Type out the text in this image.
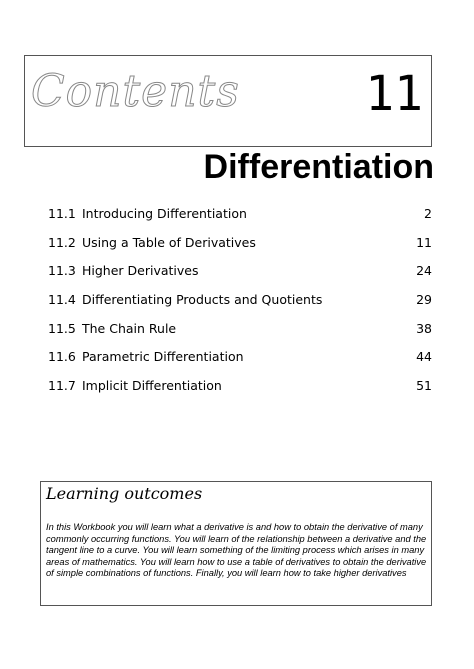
Contents	11
Differentiation
11.1 Introducing Differentiation	2
11.2 Using a Table of Derivatives	11
11.3 Higher Derivatives	24
11.4 Differentiating Products and Quotients	29
11.5 The Chain Rule	38
11.6 Parametric Differentiation	44
11.7 Implicit Differentiation	51
Learning outcomes
In this Workbook you will learn what a derivative is and how to obtain the derivative of many commonly occurring functions. You will learn of the relationship between a derivative and the tangent line to a curve. You will learn something of the limiting process which arises in many areas of mathematics. You will learn how to use a table of derivatives to obtain the derivative of simple combinations of functions. Finally, you will learn how to take higher derivatives
